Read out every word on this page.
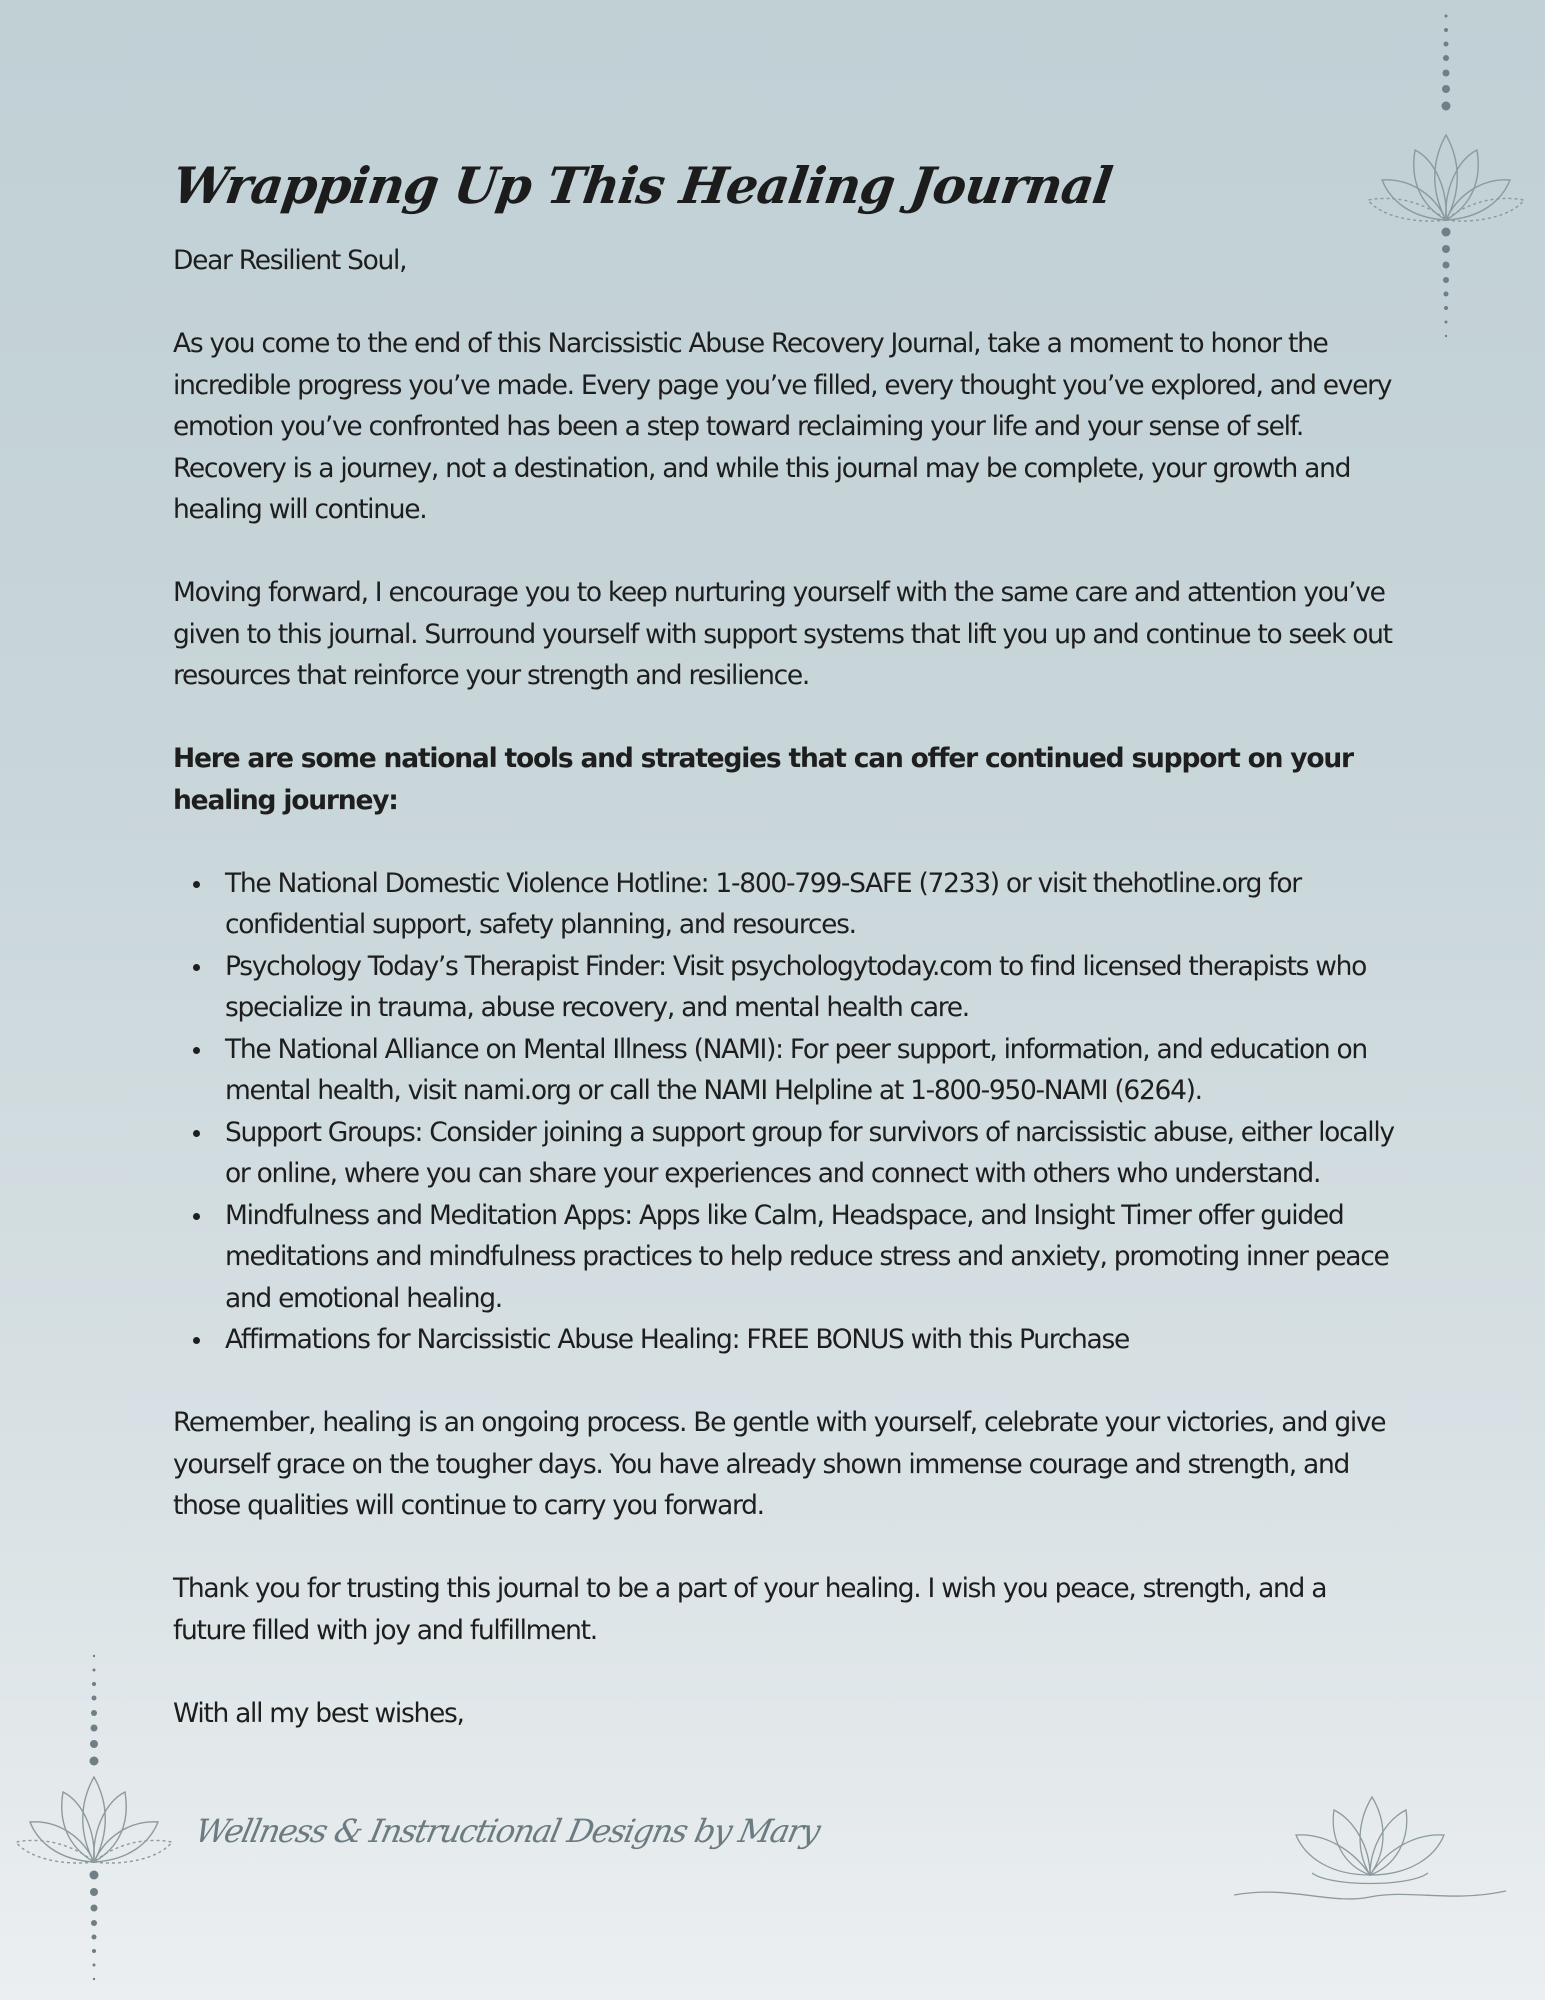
Wrapping Up This Healing Journal

Dear Resilient Soul,

As you come to the end of this Narcissistic Abuse Recovery Journal, take a moment to honor the incredible progress you’ve made. Every page you’ve filled, every thought you’ve explored, and every emotion you’ve confronted has been a step toward reclaiming your life and your sense of self. Recovery is a journey, not a destination, and while this journal may be complete, your growth and healing will continue.

Moving forward, I encourage you to keep nurturing yourself with the same care and attention you’ve given to this journal. Surround yourself with support systems that lift you up and continue to seek out resources that reinforce your strength and resilience.

Here are some national tools and strategies that can offer continued support on your healing journey:

The National Domestic Violence Hotline: 1-800-799-SAFE (7233) or visit thehotline.org for confidential support, safety planning, and resources.
Psychology Today’s Therapist Finder: Visit psychologytoday.com to find licensed therapists who specialize in trauma, abuse recovery, and mental health care.
The National Alliance on Mental Illness (NAMI): For peer support, information, and education on mental health, visit nami.org or call the NAMI Helpline at 1-800-950-NAMI (6264).
Support Groups: Consider joining a support group for survivors of narcissistic abuse, either locally or online, where you can share your experiences and connect with others who understand.
Mindfulness and Meditation Apps: Apps like Calm, Headspace, and Insight Timer offer guided meditations and mindfulness practices to help reduce stress and anxiety, promoting inner peace and emotional healing.
Affirmations for Narcissistic Abuse Healing: FREE BONUS with this Purchase

Remember, healing is an ongoing process. Be gentle with yourself, celebrate your victories, and give yourself grace on the tougher days. You have already shown immense courage and strength, and those qualities will continue to carry you forward.

Thank you for trusting this journal to be a part of your healing. I wish you peace, strength, and a future filled with joy and fulfillment.

With all my best wishes,

Wellness & Instructional Designs by Mary
